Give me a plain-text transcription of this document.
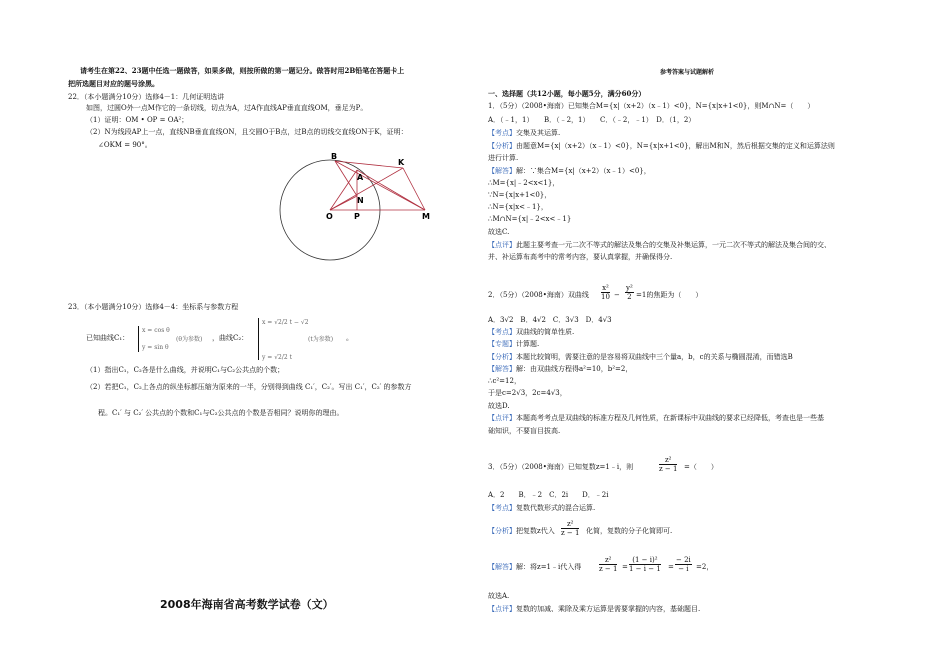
请考生在第22、23题中任选一题做答，如果多做，则按所做的第一题记分。做答时用2B铅笔在答题卡上
把所选题目对应的题号涂黑。
22．（本小题满分10分）选修4－1：几何证明选讲
如图，过圆O外一点M作它的一条切线，切点为A，过A作直线AP垂直直线OM，垂足为P。
（1）证明：OM • OP = OA²；
（2）N为线段AP上一点，直线NB垂直直线ON，且交圆O于B点，过B点的切线交直线ON于K，证明：
∠OKM = 90°。
B
K
A
N
O	P	M
23．（本小题满分10分）选修4－4：坐标系与参数方程
已知曲线C₁：
x = cos θ
y = sin θ
(θ为参数) ，曲线C₂：
x = √2/2 t − √2
y = √2/2 t
(t为参数) 。
（1）指出C₁，C₂各是什么曲线，并说明C₁与C₂公共点的个数；
（2）若把C₁，C₂上各点的纵坐标都压缩为原来的一半，分别得到曲线 C₁′，C₂′。写出 C₁′，C₂′ 的参数方
程。C₁′ 与 C₂′ 公共点的个数和C₁与C₂公共点的个数是否相同？说明你的理由。
2008年海南省高考数学试卷（文）
参考答案与试题解析
一、选择题（共12小题，每小题5分，满分60分）
1．（5分）（2008•海南）已知集合M={x|（x+2）（x﹣1）<0}，N={x|x+1<0}，则M∩N=（　　）
A．（﹣1，1）　　B．（﹣2，1）　　C．（﹣2，﹣1）　D．（1，2）
【考点】交集及其运算.
【分析】由题意M={x|（x+2）（x﹣1）<0}，N={x|x+1<0}，解出M和N，然后根据交集的定义和运算法则
进行计算.
【解答】解：∵集合M={x|（x+2）（x﹣1）<0}，
∴M={x|﹣2<x<1}，
∵N={x|x+1<0}，
∴N={x|x<﹣1}，
∴M∩N={x|﹣2<x<﹣1}
故选C.
【点评】此题主要考查一元二次不等式的解法及集合的交集及补集运算，一元二次不等式的解法及集合间的交、
并、补运算布高考中的常考内容，要认真掌握，并确保得分.
2．（5分）（2008•海南）双曲线 $\frac{\text{x²}}{10} - \frac{\text{y²}}{2} =1$的焦距为（　　）
A．3√2　B．4√2　C．3√3　D．4√3
【考点】双曲线的简单性质.
【专题】计算题.
【分析】本题比较简明，需要注意的是容易将双曲线中三个量a，b，c的关系与椭圆混淆，而错选B
【解答】解：由双曲线方程得a²=10，b²=2，
∴c²=12，
于是c=2√3，2c=4√3，
故选D.
【点评】本题高考考点是双曲线的标准方程及几何性质，在新课标中双曲线的要求已经降低，考查也是一些基
础知识，不要盲目拔高.
3．（5分）（2008•海南）已知复数z=1﹣i，则	$\frac{\text{z²}}{z - 1}$ =（　　）
A．2　　B．﹣2　C．2i　　D．﹣2i
【考点】复数代数形式的混合运算.
【分析】 把复数z代入 $\frac{\text{z²}}{z - 1}$ 化简，复数的分子化简即可.
【解答】 解：将z=1﹣i代入得	$\frac{\text{z²}}{z - 1} = \frac{\text{(1 − i)²}}{1 - i - 1} = \frac{- 2i}{- i} =2$，
故选A.
【点评】复数的加减、乘除及乘方运算是需要掌握的内容，基础题目.
